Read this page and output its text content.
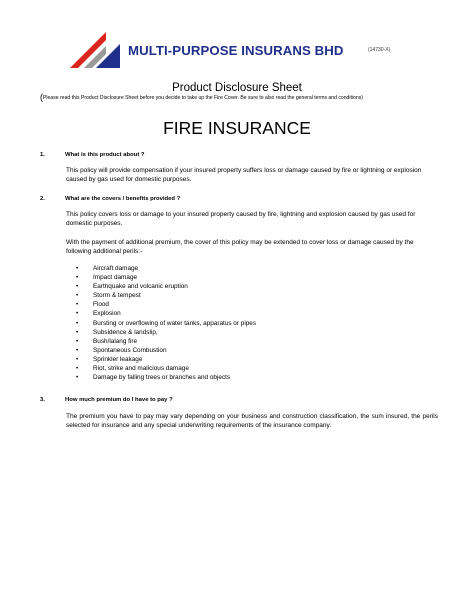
MULTI-PURPOSE INSURANS BHD	(14730-X)
Product Disclosure Sheet
(Please read this Product Disclosure Sheet before you decide to take up the Fire Cover. Be sure to also read the general terms and conditions)
FIRE INSURANCE
1.	What is this product about ?
This policy will provide compensation if your insured property suffers loss or damage caused by fire or lightning or explosion caused by gas used for domestic purposes.
2.	What are the covers / benefits provided ?
This policy covers loss or damage to your insured property caused by fire, lightning and explosion caused by gas used for domestic purposes.
With the payment of additional premium, the cover of this policy may be extended to cover loss or damage caused by the following additional perils:-
• Aircraft damage
• Impact damage
• Earthquake and volcanic eruption
• Storm & tempest
• Flood
• Explosion
• Bursting or overflowing of water tanks, apparatus or pipes
• Subsidence & landslip,
• Bush/lalang fire
• Spontaneous Combustion
• Sprinkler leakage
• Riot, strike and malicious damage
• Damage by falling trees or branches and objects
3.	How much premium do I have to pay ?
The premium you have to pay may vary depending on your business and construction classification, the sum insured, the perils selected for insurance and any special underwriting requirements of the insurance company.
